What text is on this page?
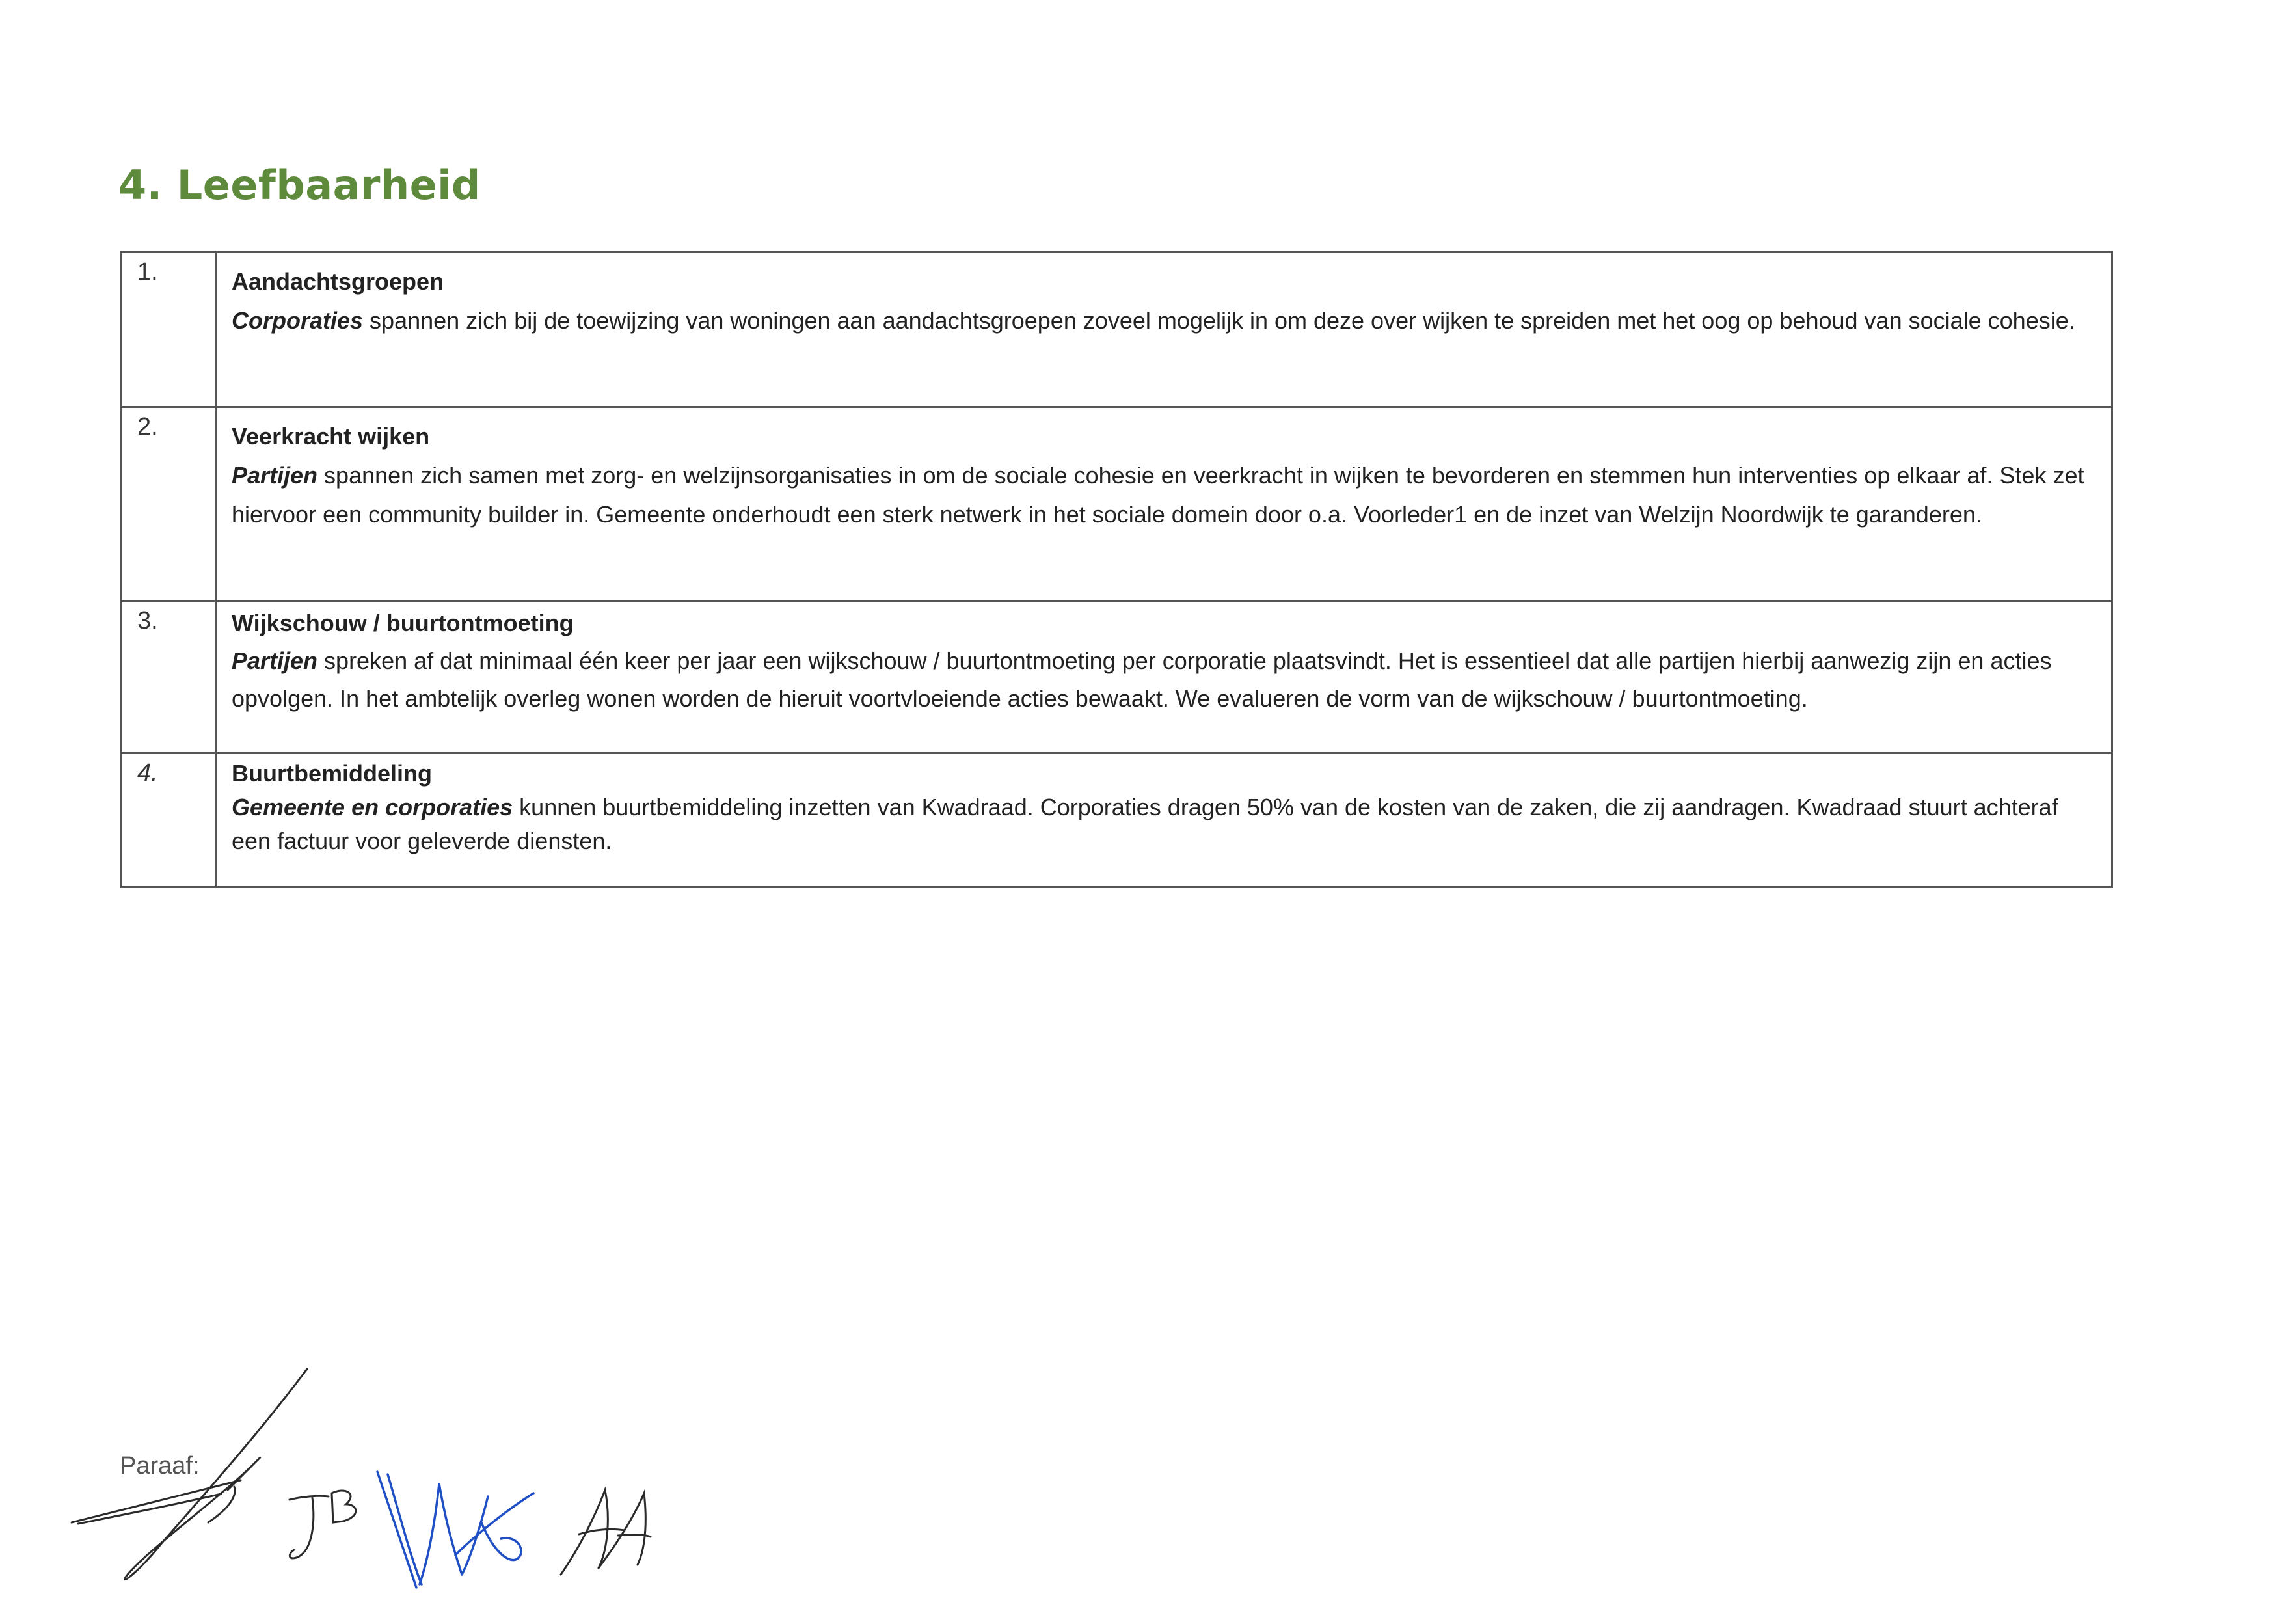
4. Leefbaarheid
1.	Aandachtsgroepen
Corporaties spannen zich bij de toewijzing van woningen aan aandachtsgroepen zoveel mogelijk in om deze over wijken te spreiden met het oog op behoud van sociale cohesie.

2.	Veerkracht wijken
Partijen spannen zich samen met zorg- en welzijnsorganisaties in om de sociale cohesie en veerkracht in wijken te bevorderen en stemmen hun interventies op elkaar af. Stek zet hiervoor een community builder in. Gemeente onderhoudt een sterk netwerk in het sociale domein door o.a. Voorleder1 en de inzet van Welzijn Noordwijk te garanderen.

3.	Wijkschouw / buurtontmoeting
Partijen spreken af dat minimaal één keer per jaar een wijkschouw / buurtontmoeting per corporatie plaatsvindt. Het is essentieel dat alle partijen hierbij aanwezig zijn en acties opvolgen. In het ambtelijk overleg wonen worden de hieruit voortvloeiende acties bewaakt. We evalueren de vorm van de wijkschouw / buurtontmoeting.

4.	Buurtbemiddeling
Gemeente en corporaties kunnen buurtbemiddeling inzetten van Kwadraad. Corporaties dragen 50% van de kosten van de zaken, die zij aandragen. Kwadraad stuurt achteraf een factuur voor geleverde diensten.
Paraaf:
